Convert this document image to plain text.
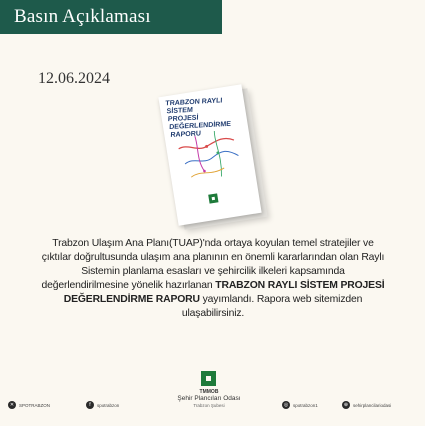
Basın Açıklaması
12.06.2024
TRABZON RAYLI SİSTEM
PROJESİ DEĞERLENDİRME
RAPORU

Trabzon Ulaşım Ana Planı(TUAP)'nda ortaya koyulan temel stratejiler ve çıktılar doğrultusunda ulaşım ana planının en önemli kararlarından olan Raylı Sistemin planlama esasları ve şehircilik ilkeleri kapsamında değerlendirilmesine yönelik hazırlanan TRABZON RAYLI SİSTEM PROJESİ DEĞERLENDİRME RAPORU yayımlandı. Rapora web sitemizden ulaşabilirsiniz.

TMMOB
Şehir Plancıları Odası
Trabzon Şubesi
✕	SPOTRABZON	f	spotrabzon	◎	spotrabzon1	⊕	sehirplancilariodasi
